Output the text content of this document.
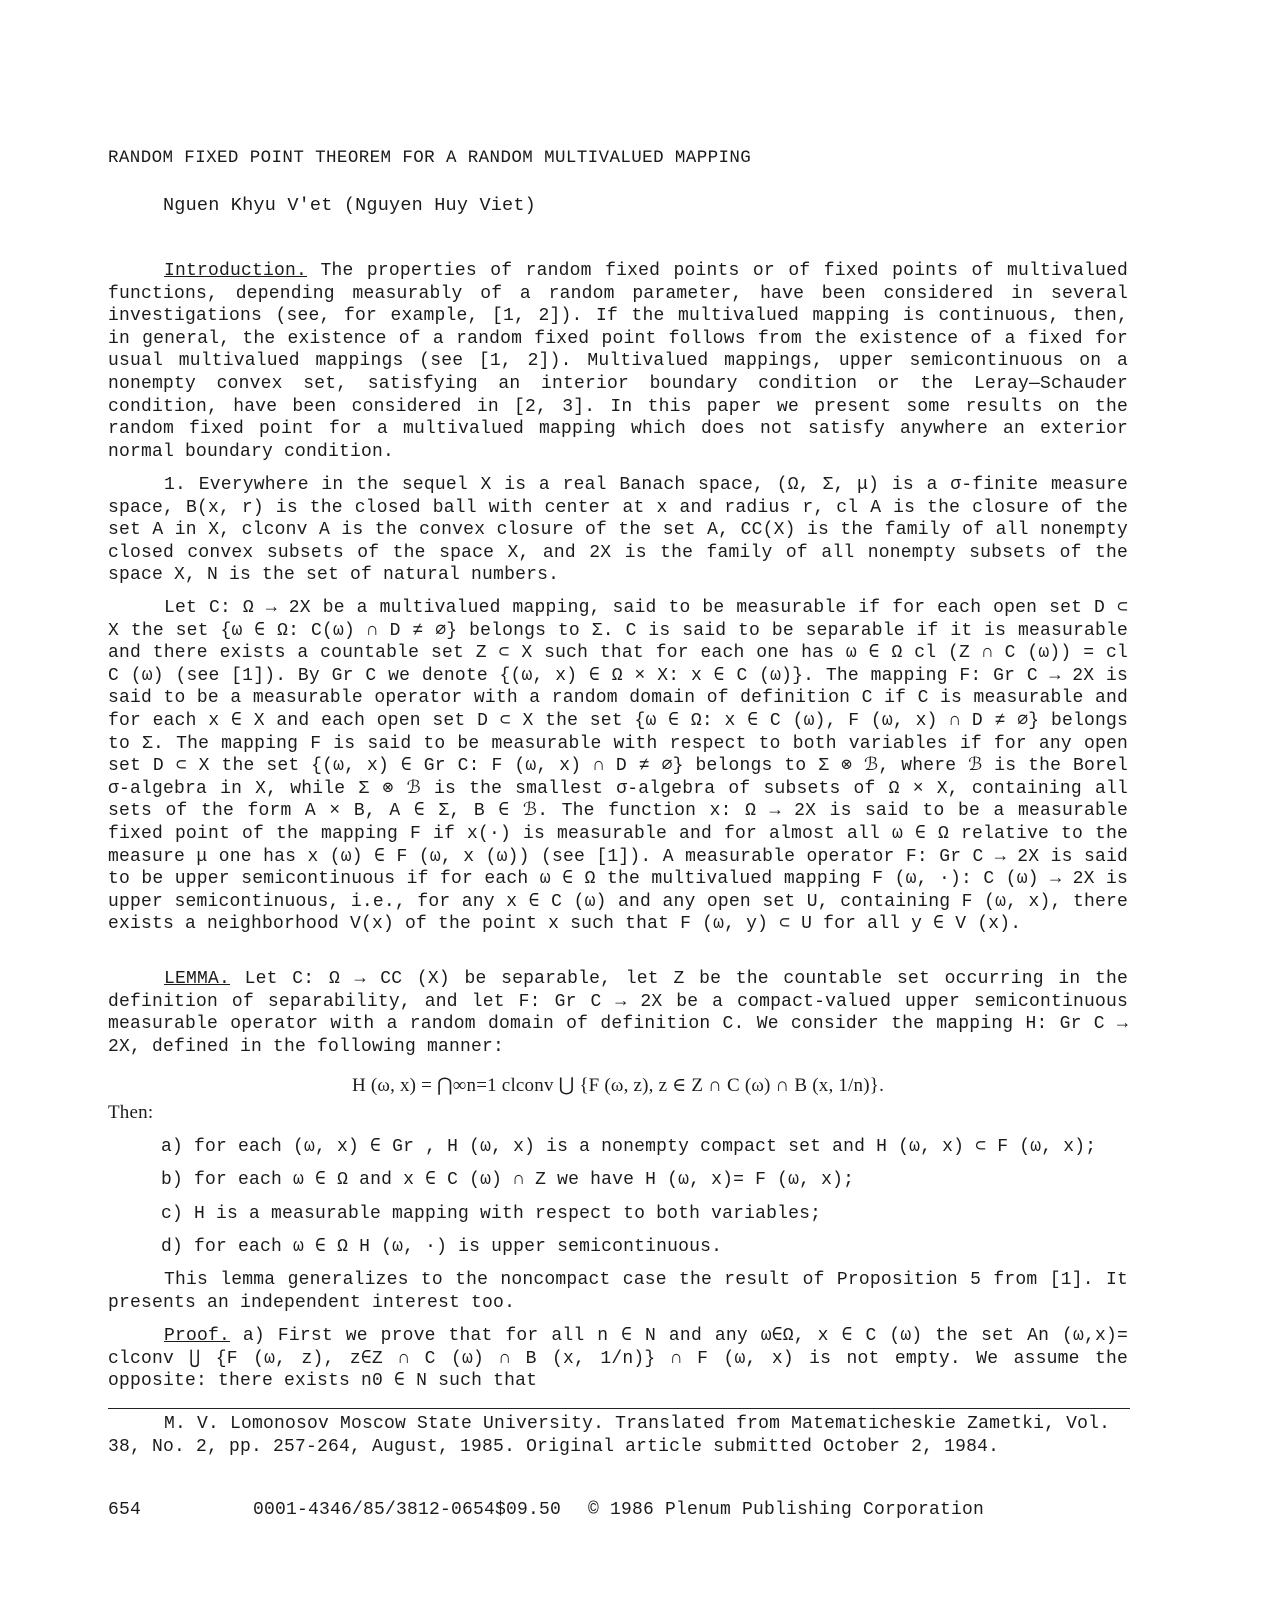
RANDOM FIXED POINT THEOREM FOR A RANDOM MULTIVALUED MAPPING
Nguen Khyu V'et (Nguyen Huy Viet)

Introduction. The properties of random fixed points or of fixed points of multivalued functions, depending measurably of a random parameter, have been considered in several investigations (see, for example, [1, 2]). If the multivalued mapping is continuous, then, in general, the existence of a random fixed point follows from the existence of a fixed for usual multivalued mappings (see [1, 2]). Multivalued mappings, upper semicontinuous on a nonempty convex set, satisfying an interior boundary condition or the Leray—Schauder condition, have been considered in [2, 3]. In this paper we present some results on the random fixed point for a multivalued mapping which does not satisfy anywhere an exterior normal boundary condition.

1. Everywhere in the sequel X is a real Banach space, (Ω, Σ, μ) is a σ-finite measure space, B(x, r) is the closed ball with center at x and radius r, cl A is the closure of the set A in X, clconv A is the convex closure of the set A, CC(X) is the family of all nonempty closed convex subsets of the space X, and 2X is the family of all nonempty subsets of the space X, N is the set of natural numbers.

Let C: Ω → 2X be a multivalued mapping, said to be measurable if for each open set D ⊂ X the set {ω ∈ Ω: C(ω) ∩ D ≠ ∅} belongs to Σ. C is said to be separable if it is measurable and there exists a countable set Z ⊂ X such that for each one has ω ∈ Ω cl (Z ∩ C (ω)) = cl C (ω) (see [1]). By Gr C we denote {(ω, x) ∈ Ω × X: x ∈ C (ω)}. The mapping F: Gr C → 2X is said to be a measurable operator with a random domain of definition C if C is measurable and for each x ∈ X and each open set D ⊂ X the set {ω ∈ Ω: x ∈ C (ω), F (ω, x) ∩ D ≠ ∅} belongs to Σ. The mapping F is said to be measurable with respect to both variables if for any open set D ⊂ X the set {(ω, x) ∈ Gr C: F (ω, x) ∩ D ≠ ∅} belongs to Σ ⊗ ℬ, where ℬ is the Borel σ-algebra in X, while Σ ⊗ ℬ is the smallest σ-algebra of subsets of Ω × X, containing all sets of the form A × B, A ∈ Σ, B ∈ ℬ. The function x: Ω → 2X is said to be a measurable fixed point of the mapping F if x(·) is measurable and for almost all ω ∈ Ω relative to the measure μ one has x (ω) ∈ F (ω, x (ω)) (see [1]). A measurable operator F: Gr C → 2X is said to be upper semicontinuous if for each ω ∈ Ω the multivalued mapping F (ω, ·): C (ω) → 2X is upper semicontinuous, i.e., for any x ∈ C (ω) and any open set U, containing F (ω, x), there exists a neighborhood V(x) of the point x such that F (ω, y) ⊂ U for all y ∈ V (x).

LEMMA. Let C: Ω → CC (X) be separable, let Z be the countable set occurring in the definition of separability, and let F: Gr C → 2X be a compact-valued upper semicontinuous measurable operator with a random domain of definition C. We consider the mapping H: Gr C → 2X, defined in the following manner:

H (ω, x) = ⋂∞n=1 clconv ⋃ {F (ω, z), z ∈ Z ∩ C (ω) ∩ B (x, 1/n)}.
Then:
a) for each (ω, x) ∈ Gr , H (ω, x) is a nonempty compact set and H (ω, x) ⊂ F (ω, x);
b) for each ω ∈ Ω and x ∈ C (ω) ∩ Z we have H (ω, x)= F (ω, x);
c) H is a measurable mapping with respect to both variables;
d) for each ω ∈ Ω H (ω, ·) is upper semicontinuous.

This lemma generalizes to the noncompact case the result of Proposition 5 from [1]. It presents an independent interest too.

Proof. a) First we prove that for all n ∈ N and any ω∈Ω, x ∈ C (ω) the set An (ω,x)= clconv ⋃ {F (ω, z), z∈Z ∩ C (ω) ∩ B (x, 1/n)} ∩ F (ω, x) is not empty. We assume the opposite: there exists n0 ∈ N such that

M. V. Lomonosov Moscow State University. Translated from Matematicheskie Zametki, Vol. 38, No. 2, pp. 257-264, August, 1985. Original article submitted October 2, 1984.
654	0001-4346/85/3812-0654$09.50 © 1986 Plenum Publishing Corporation
